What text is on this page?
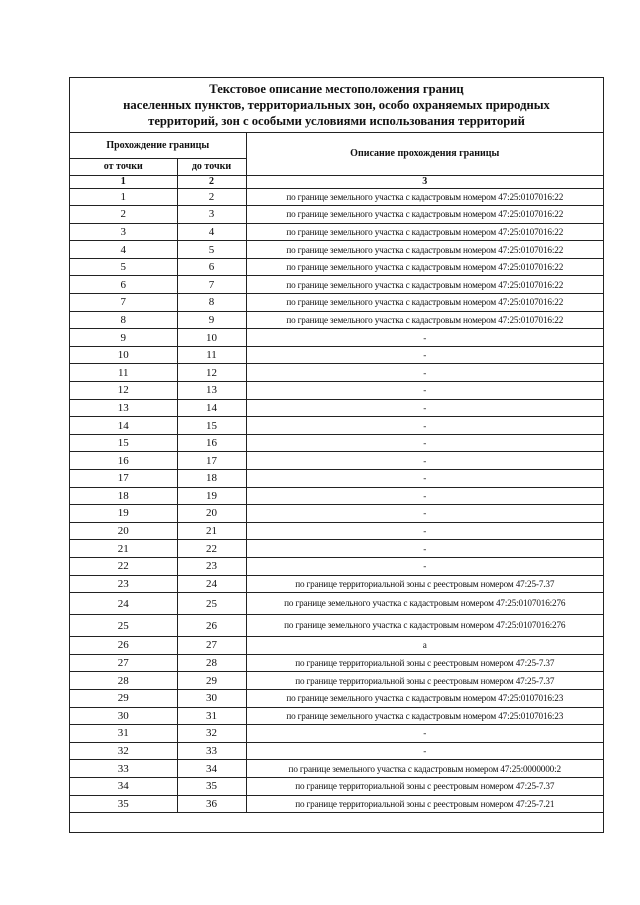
Текстовое описание местоположения границ
населенных пунктов, территориальных зон, особо охраняемых природных
территорий, зон с особыми условиями использования территорий
Прохождение границы		Описание прохождения границы
от точки	до точки	
1	2	3
1	2	по границе земельного участка с кадастровым номером 47:25:0107016:22
2	3	по границе земельного участка с кадастровым номером 47:25:0107016:22
3	4	по границе земельного участка с кадастровым номером 47:25:0107016:22
4	5	по границе земельного участка с кадастровым номером 47:25:0107016:22
5	6	по границе земельного участка с кадастровым номером 47:25:0107016:22
6	7	по границе земельного участка с кадастровым номером 47:25:0107016:22
7	8	по границе земельного участка с кадастровым номером 47:25:0107016:22
8	9	по границе земельного участка с кадастровым номером 47:25:0107016:22
9	10	-
10	11	-
11	12	-
12	13	-
13	14	-
14	15	-
15	16	-
16	17	-
17	18	-
18	19	-
19	20	-
20	21	-
21	22	-
22	23	-
23	24	по границе территориальной зоны с реестровым номером 47:25-7.37
24	25	по границе земельного участка с кадастровым номером 47:25:0107016:276
25	26	по границе земельного участка с кадастровым номером 47:25:0107016:276
26	27	а
27	28	по границе территориальной зоны с реестровым номером 47:25-7.37
28	29	по границе территориальной зоны с реестровым номером 47:25-7.37
29	30	по границе земельного участка с кадастровым номером 47:25:0107016:23
30	31	по границе земельного участка с кадастровым номером 47:25:0107016:23
31	32	-
32	33	-
33	34	по границе земельного участка с кадастровым номером 47:25:0000000:2
34	35	по границе территориальной зоны с реестровым номером 47:25-7.37
35	36	по границе территориальной зоны с реестровым номером 47:25-7.21
